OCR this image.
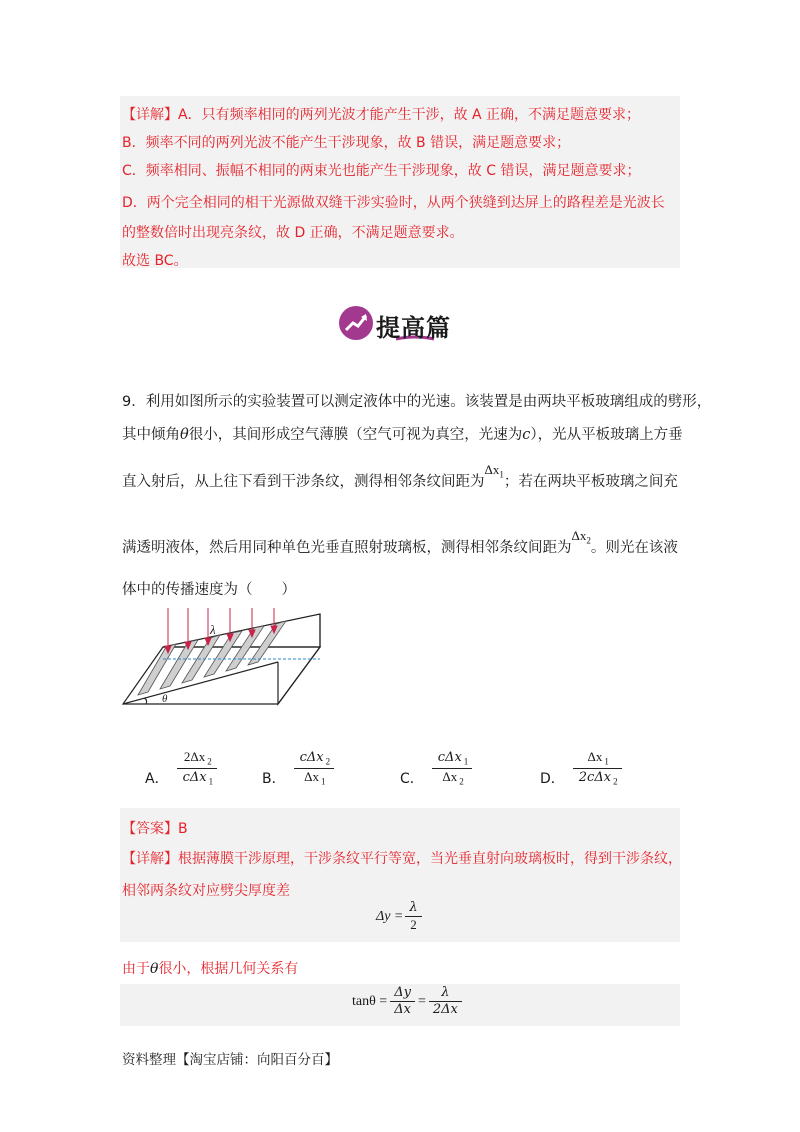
【详解】A．只有频率相同的两列光波才能产生干涉，故 A 正确，不满足题意要求；
B．频率不同的两列光波不能产生干涉现象，故 B 错误，满足题意要求；
C．频率相同、振幅不相同的两束光也能产生干涉现象，故 C 错误，满足题意要求；
D．两个完全相同的相干光源做双缝干涉实验时，从两个狭缝到达屏上的路程差是光波长
的整数倍时出现亮条纹，故 D 正确，不满足题意要求。
故选 BC。
提高篇
9．利用如图所示的实验装置可以测定液体中的光速。该装置是由两块平板玻璃组成的劈形，
其中倾角θ很小，其间形成空气薄膜（空气可视为真空，光速为c），光从平板玻璃上方垂
直入射后，从上往下看到干涉条纹，测得相邻条纹间距为$\Delta x_1$；若在两块平板玻璃之间充
满透明液体，然后用同种单色光垂直照射玻璃板，测得相邻条纹间距为$\Delta x_2$。则光在该液
体中的传播速度为（　　）
λ
θ
A． $\frac{2\Delta x _2}{c\Delta x _1}$	B． $\frac{c\Delta x _2}{\Delta x _1}$	C． $\frac{c\Delta x _1}{\Delta x _2}$	D． $\frac{\Delta x _1}{2c\Delta x _2}$
【答案】B
【详解】根据薄膜干涉原理，干涉条纹平行等宽，当光垂直射向玻璃板时，得到干涉条纹，
相邻两条纹对应劈尖厚度差
$\Delta y = \frac{\lambda}{2}$
由于θ很小，根据几何关系有
$\tan\theta = \frac{\Delta y}{\Delta x} = \frac{\lambda}{2\Delta x}$
资料整理【淘宝店铺：向阳百分百】
